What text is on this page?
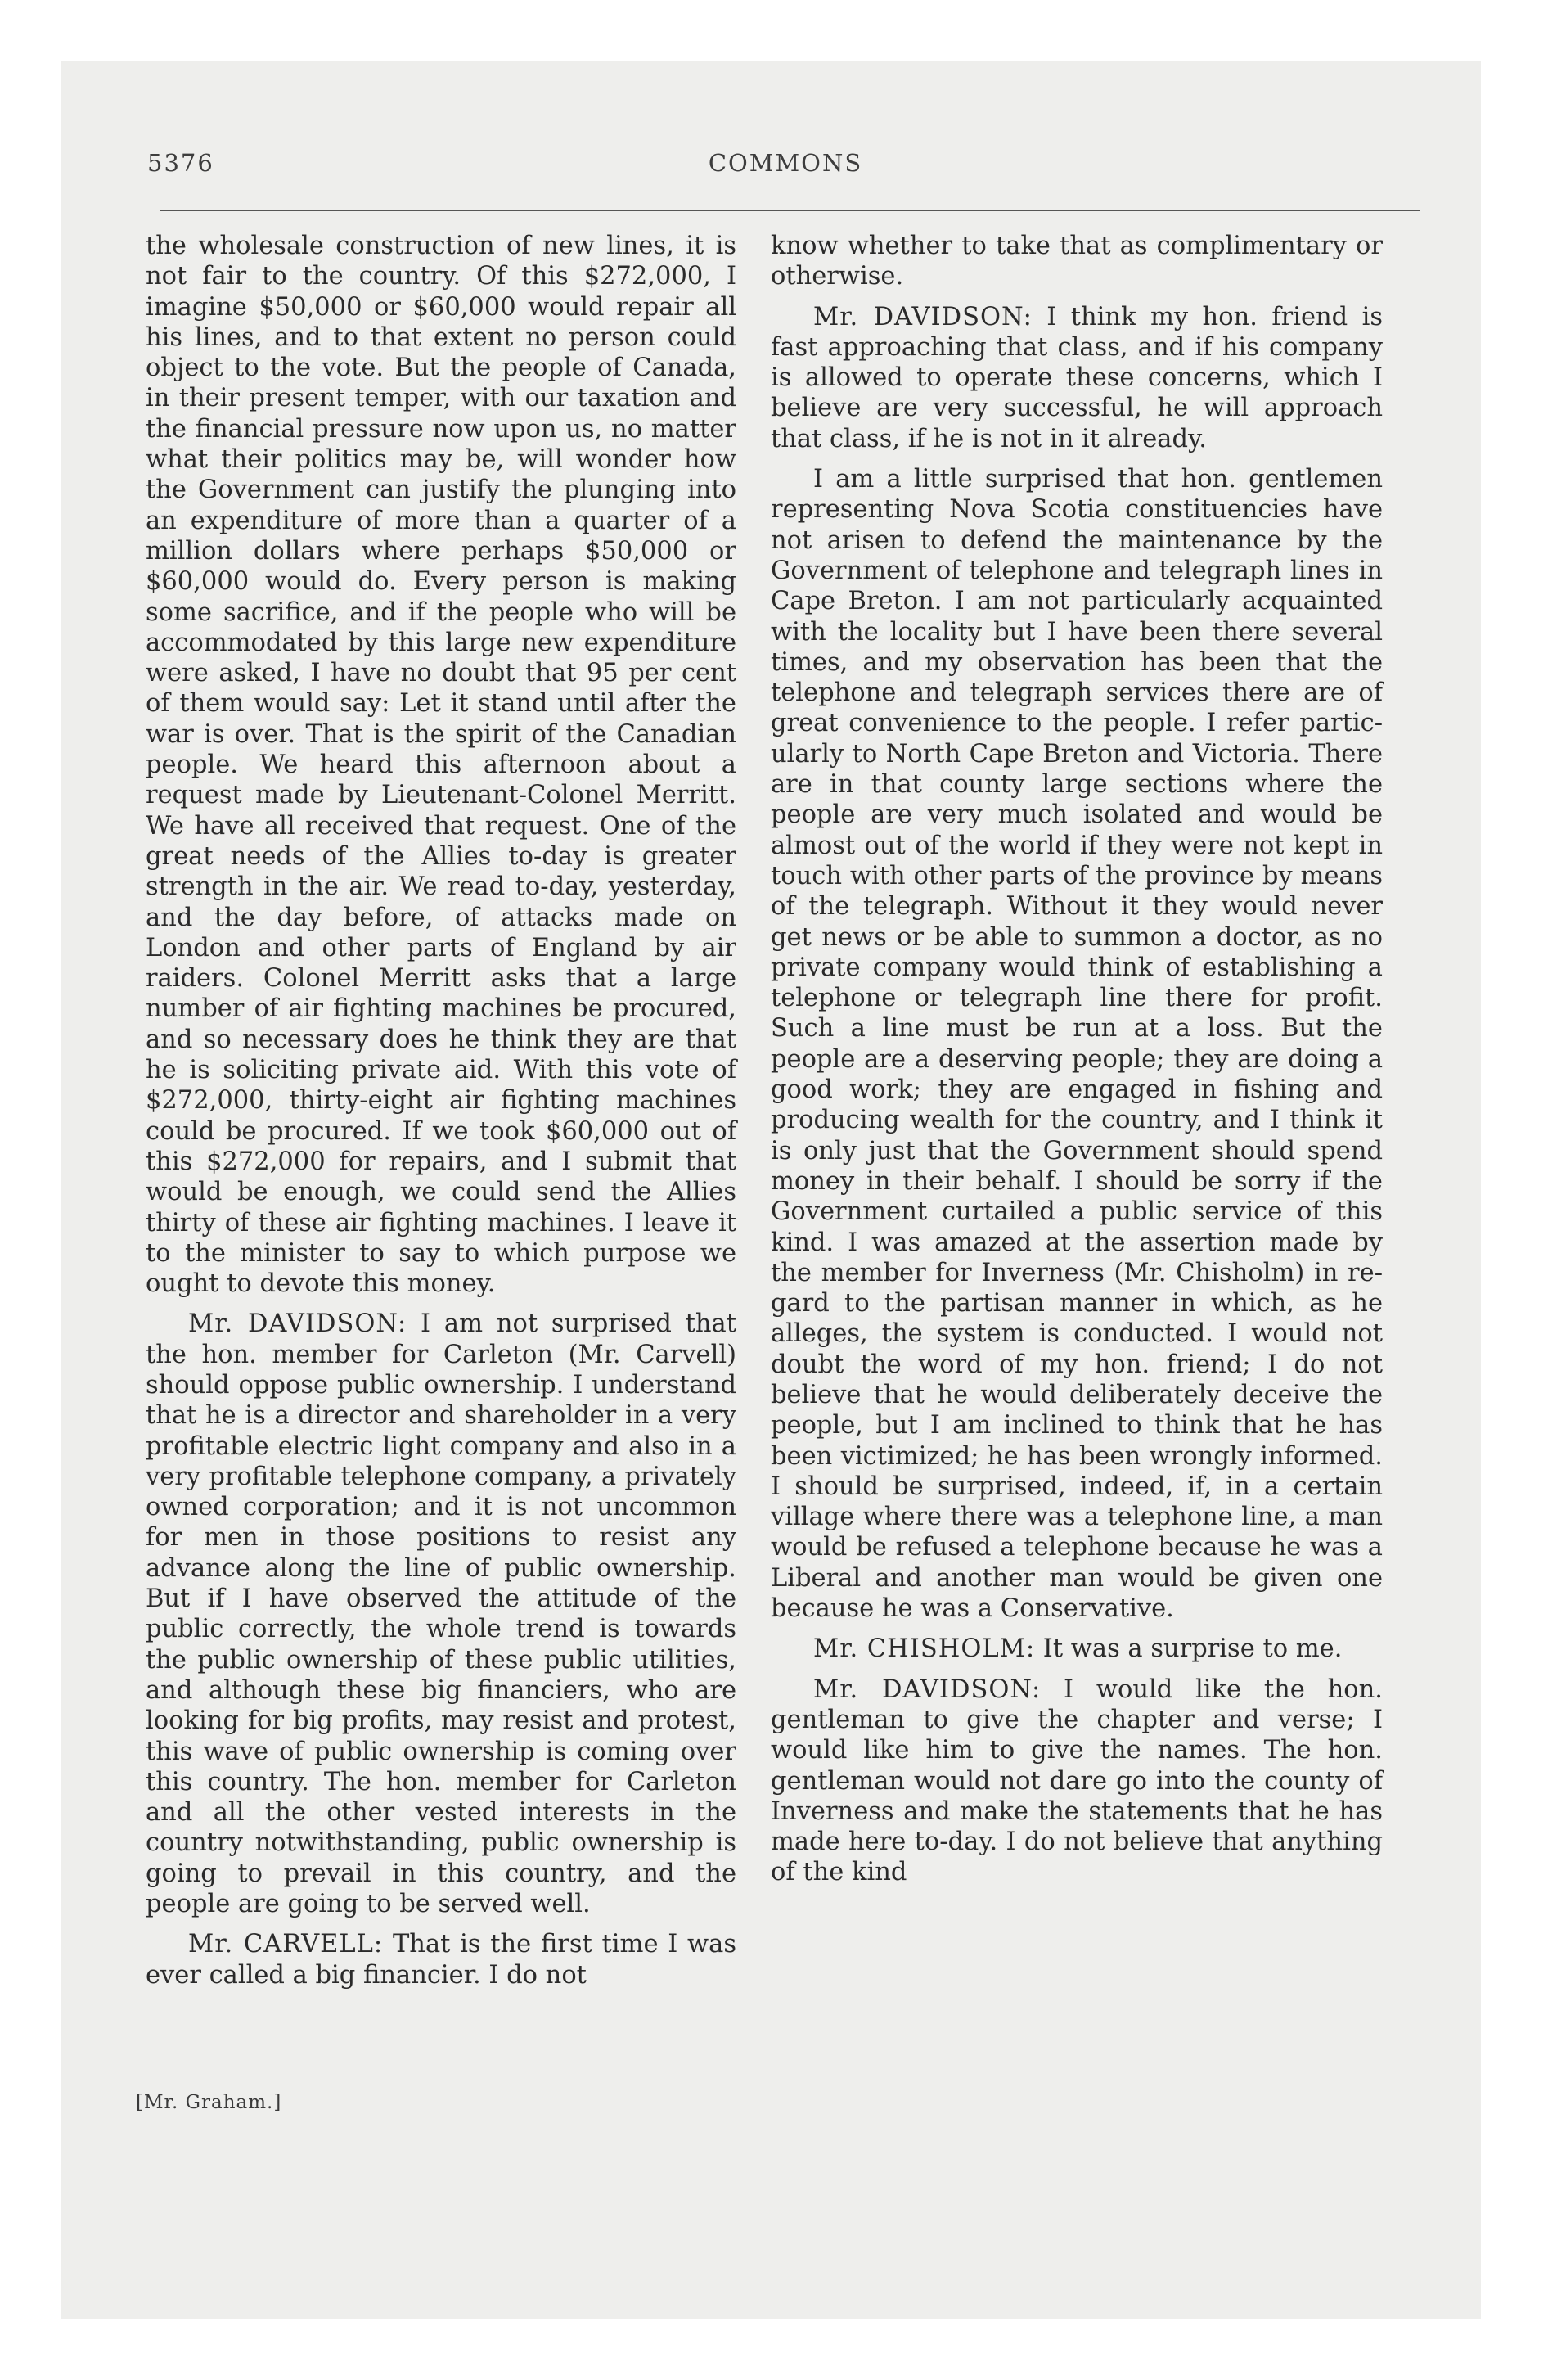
5376	COMMONS

the wholesale construction of new lines, it is not fair to the country. Of this $272,000, I imagine $50,000 or $60,000 would repair all his lines, and to that extent no person could object to the vote. But the people of Canada, in their present temper, with our taxation and the financial pressure now upon us, no matter what their politics may be, will wonder how the Government can justify the plunging into an expenditure of more than a quarter of a million dollars where perhaps $50,000 or $60,000 would do. Every person is making some sacrifice, and if the people who will be accommodated by this large new expenditure were asked, I have no doubt that 95 per cent of them would say: Let it stand until after the war is over. That is the spirit of the Canadian people. We heard this afternoon about a request made by Lieutenant-Colonel Merritt. We have all received that request. One of the great needs of the Allies to-day is greater strength in the air. We read to-day, yesterday, and the day before, of attacks made on London and other parts of England by air raiders. Colonel Merritt asks that a large number of air fighting machines be procured, and so necessary does he think they are that he is soliciting private aid. With this vote of $272,000, thirty-eight air fighting machines could be procured. If we took $60,000 out of this $272,000 for repairs, and I submit that would be enough, we could send the Allies thirty of these air fighting machines. I leave it to the minister to say to which purpose we ought to devote this money.

Mr. DAVIDSON: I am not surprised that the hon. member for Carleton (Mr. Carvell) should oppose public ownership. I understand that he is a director and shareholder in a very profitable electric light company and also in a very profitable telephone company, a privately owned corporation; and it is not uncommon for men in those positions to resist any advance along the line of public ownership. But if I have observed the attitude of the public correctly, the whole trend is towards the public ownership of these public utilities, and although these big financiers, who are looking for big profits, may resist and protest, this wave of public ownership is coming over this country. The hon. member for Carleton and all the other vested interests in the country notwithstanding, public ownership is going to prevail in this country, and the people are going to be served well.

Mr. CARVELL: That is the first time I was ever called a big financier. I do not

know whether to take that as complimentary or otherwise.

Mr. DAVIDSON: I think my hon. friend is fast approaching that class, and if his company is allowed to operate these concerns, which I believe are very successful, he will approach that class, if he is not in it already.

I am a little surprised that hon. gentlemen representing Nova Scotia constituencies have not arisen to defend the maintenance by the Government of telephone and telegraph lines in Cape Breton. I am not particularly acquainted with the locality but I have been there several times, and my observation has been that the telephone and telegraph services there are of great convenience to the people. I refer particularly to North Cape Breton and Victoria. There are in that county large sections where the people are very much isolated and would be almost out of the world if they were not kept in touch with other parts of the province by means of the telegraph. Without it they would never get news or be able to summon a doctor, as no private company would think of establishing a telephone or telegraph line there for profit. Such a line must be run at a loss. But the people are a deserving people; they are doing a good work; they are engaged in fishing and producing wealth for the country, and I think it is only just that the Government should spend money in their behalf. I should be sorry if the Government curtailed a public service of this kind. I was amazed at the assertion made by the member for Inverness (Mr. Chisholm) in regard to the partisan manner in which, as he alleges, the system is conducted. I would not doubt the word of my hon. friend; I do not believe that he would deliberately deceive the people, but I am inclined to think that he has been victimized; he has been wrongly informed. I should be surprised, indeed, if, in a certain village where there was a telephone line, a man would be refused a telephone because he was a Liberal and another man would be given one because he was a Conservative.

Mr. CHISHOLM: It was a surprise to me.

Mr. DAVIDSON: I would like the hon. gentleman to give the chapter and verse; I would like him to give the names. The hon. gentleman would not dare go into the county of Inverness and make the statements that he has made here to-day. I do not believe that anything of the kind

[Mr. Graham.]
